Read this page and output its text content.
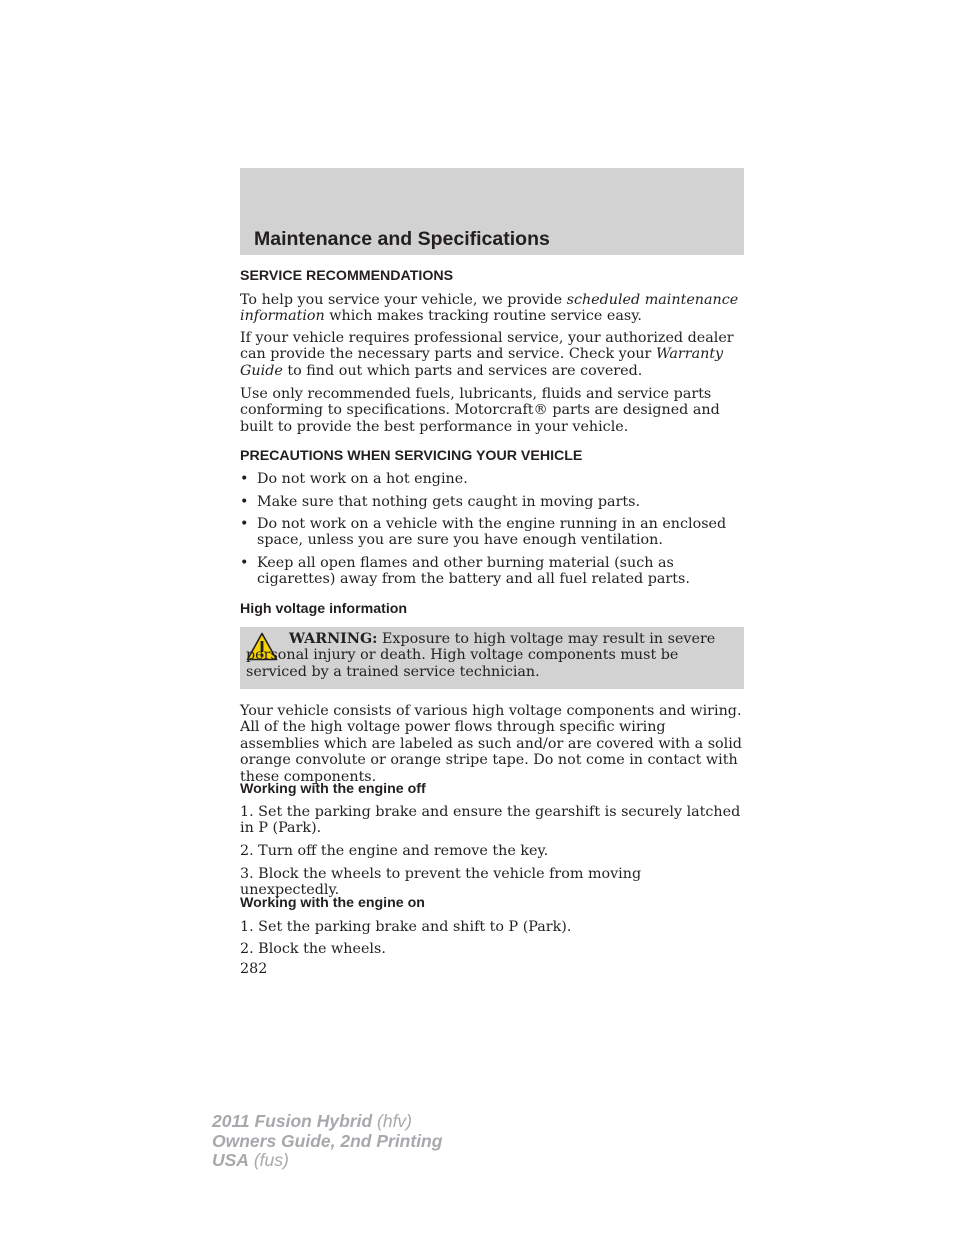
Maintenance and Specifications
SERVICE RECOMMENDATIONS
To help you service your vehicle, we provide scheduled maintenance information which makes tracking routine service easy.
If your vehicle requires professional service, your authorized dealer can provide the necessary parts and service. Check your Warranty Guide to find out which parts and services are covered.
Use only recommended fuels, lubricants, fluids and service parts conforming to specifications. Motorcraft® parts are designed and built to provide the best performance in your vehicle.
PRECAUTIONS WHEN SERVICING YOUR VEHICLE
• Do not work on a hot engine.
• Make sure that nothing gets caught in moving parts.
• Do not work on a vehicle with the engine running in an enclosed space, unless you are sure you have enough ventilation.
• Keep all open flames and other burning material (such as cigarettes) away from the battery and all fuel related parts.
High voltage information
WARNING: Exposure to high voltage may result in severe personal injury or death. High voltage components must be serviced by a trained service technician.
Your vehicle consists of various high voltage components and wiring. All of the high voltage power flows through specific wiring assemblies which are labeled as such and/or are covered with a solid orange convolute or orange stripe tape. Do not come in contact with these components.
Working with the engine off
1. Set the parking brake and ensure the gearshift is securely latched in P (Park).
2. Turn off the engine and remove the key.
3. Block the wheels to prevent the vehicle from moving unexpectedly.
Working with the engine on
1. Set the parking brake and shift to P (Park).
2. Block the wheels.
282
2011 Fusion Hybrid (hfv)
Owners Guide, 2nd Printing
USA (fus)
